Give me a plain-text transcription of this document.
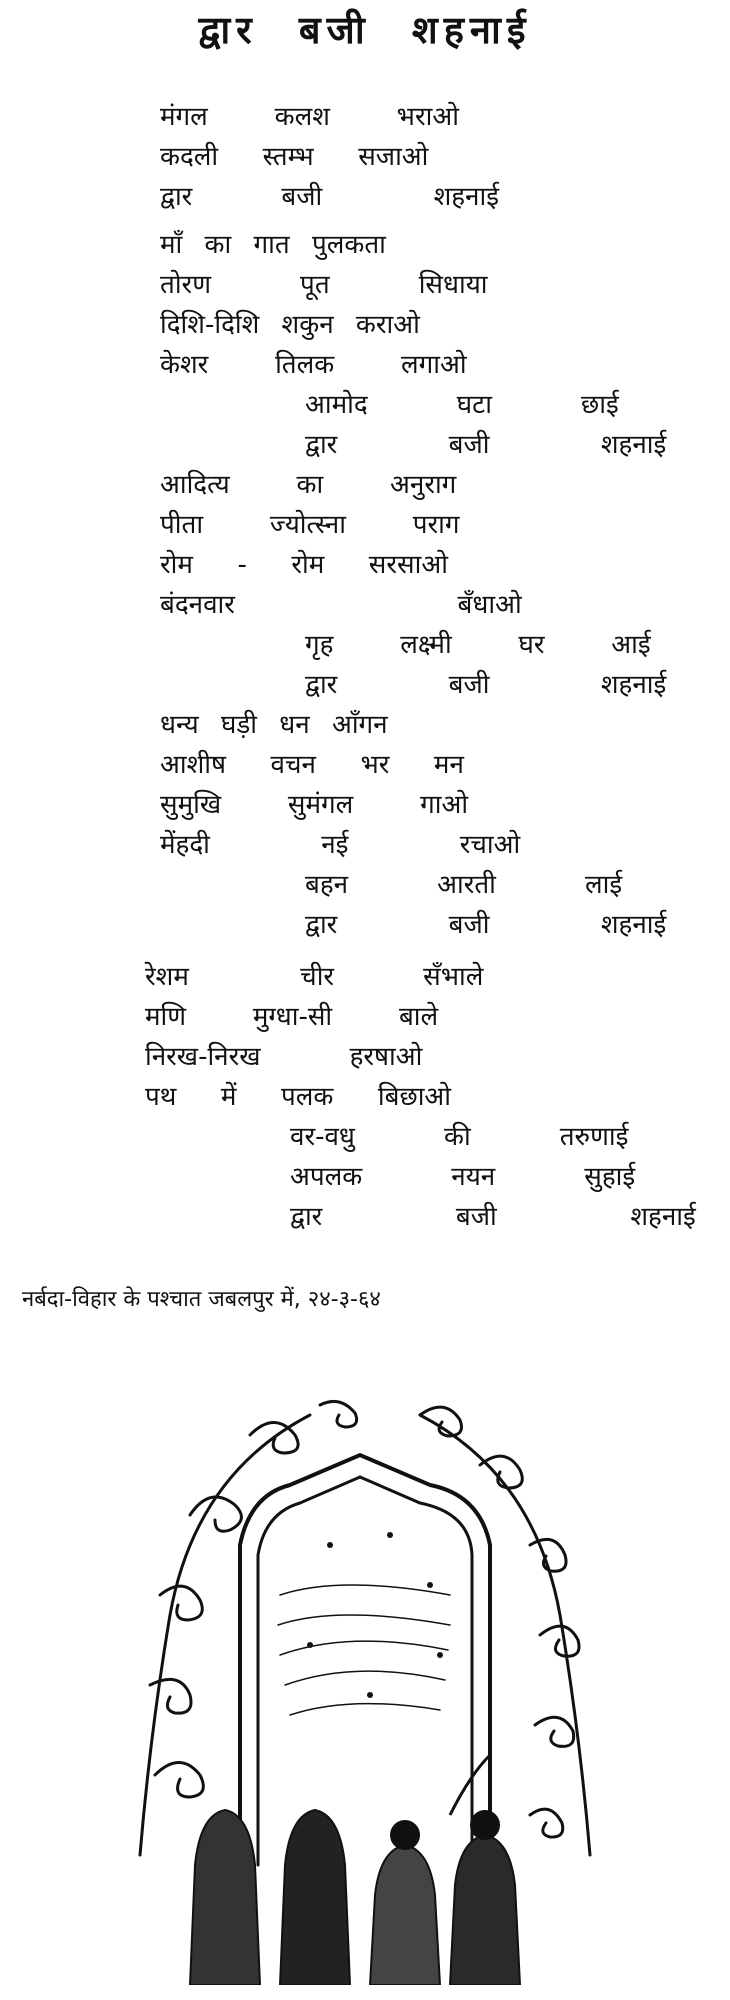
द्वार बजी शहनाई
मंगल   कलश   भराओ
कदली  स्तम्भ  सजाओ
द्वार    बजी     शहनाई
माँ का गात पुलकता
तोरण    पूत    सिधाया
दिशि-दिशि शकुन कराओ
केशर   तिलक   लगाओ
आमोद    घटा    छाई
द्वार     बजी     शहनाई
आदित्य   का   अनुराग
पीता   ज्योत्स्ना   पराग
रोम  -  रोम  सरसाओ
बंदनवार          बँधाओ
गृह   लक्ष्मी   घर   आई
द्वार     बजी     शहनाई
धन्य घड़ी धन आँगन
आशीष  वचन  भर  मन
सुमुखि   सुमंगल   गाओ
मेंहदी     नई     रचाओ
बहन    आरती    लाई
द्वार     बजी     शहनाई
रेशम     चीर    सँभाले
मणि   मुग्धा-सी   बाले
निरख-निरख    हरषाओ
पथ  में  पलक  बिछाओ
वर-वधु    की    तरुणाई
अपलक    नयन    सुहाई
द्वार      बजी      शहनाई
नर्बदा-विहार के पश्चात जबलपुर में, २४-३-६४
